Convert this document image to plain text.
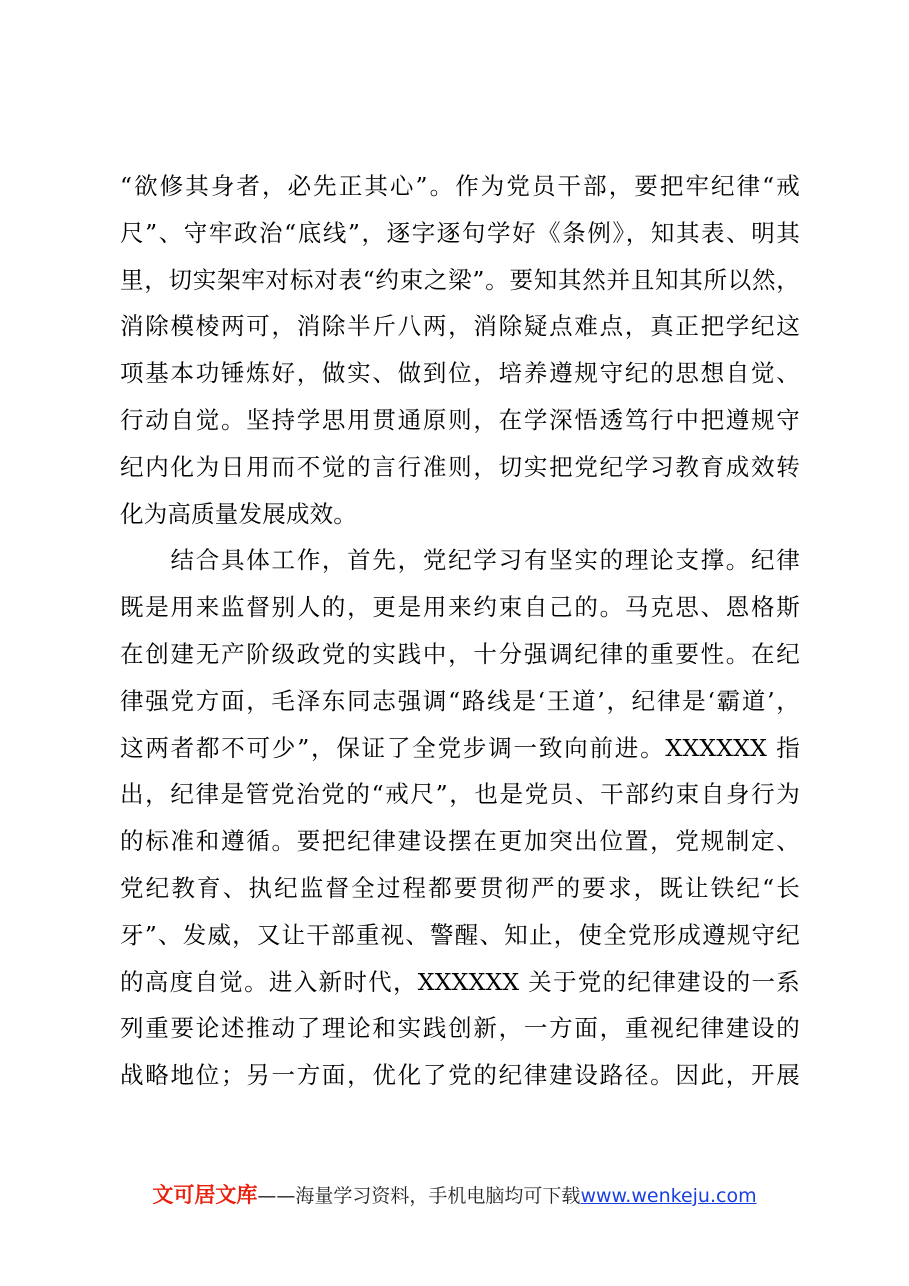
“欲修其身者，必先正其心”。作为党员干部，要把牢纪律“戒
尺”、守牢政治“底线”，逐字逐句学好《条例》，知其表、明其
里，切实架牢对标对表“约束之梁”。要知其然并且知其所以然，
消除模棱两可，消除半斤八两，消除疑点难点，真正把学纪这
项基本功锤炼好，做实、做到位，培养遵规守纪的思想自觉、
行动自觉。坚持学思用贯通原则，在学深悟透笃行中把遵规守
纪内化为日用而不觉的言行准则，切实把党纪学习教育成效转
化为高质量发展成效。
　　结合具体工作，首先，党纪学习有坚实的理论支撑。纪律
既是用来监督别人的，更是用来约束自己的。马克思、恩格斯
在创建无产阶级政党的实践中，十分强调纪律的重要性。在纪
律强党方面，毛泽东同志强调“路线是‘王道’，纪律是‘霸道’，
这两者都不可少”，保证了全党步调一致向前进。XXXXXX 指
出，纪律是管党治党的“戒尺”，也是党员、干部约束自身行为
的标准和遵循。要把纪律建设摆在更加突出位置，党规制定、
党纪教育、执纪监督全过程都要贯彻严的要求，既让铁纪“长
牙”、发威，又让干部重视、警醒、知止，使全党形成遵规守纪
的高度自觉。进入新时代，XXXXXX 关于党的纪律建设的一系
列重要论述推动了理论和实践创新，一方面，重视纪律建设的
战略地位；另一方面，优化了党的纪律建设路径。因此，开展
文可居文库——海量学习资料，手机电脑均可下载www.wenkeju.com
